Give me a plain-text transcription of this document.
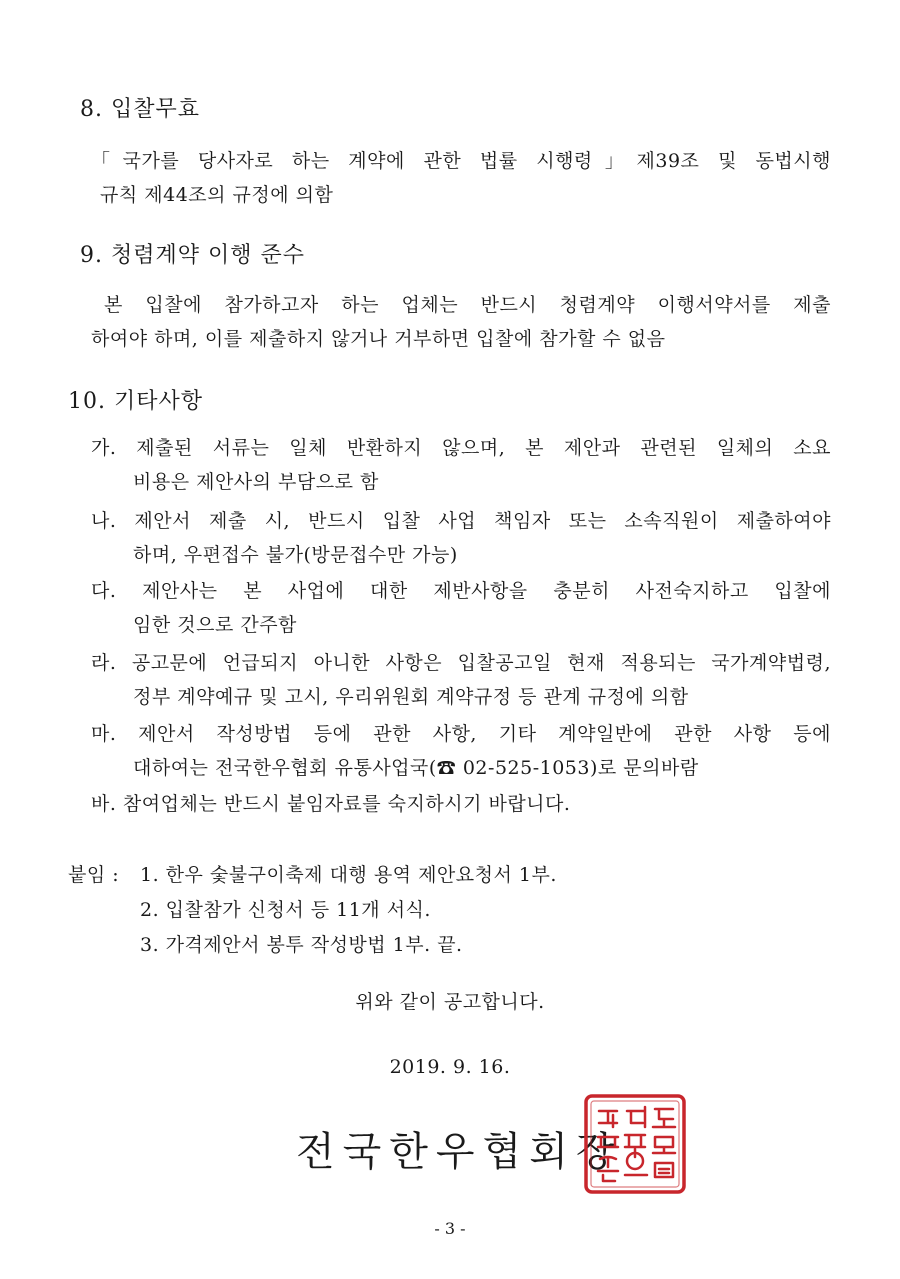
8. 입찰무효
「국가를 당사자로 하는 계약에 관한 법률 시행령」제39조 및 동법시행
규칙 제44조의 규정에 의함
9. 청렴계약 이행 준수
본 입찰에 참가하고자 하는 업체는 반드시 청렴계약 이행서약서를 제출
하여야 하며, 이를 제출하지 않거나 거부하면 입찰에 참가할 수 없음
10. 기타사항
가. 제출된 서류는 일체 반환하지 않으며, 본 제안과 관련된 일체의 소요
비용은 제안사의 부담으로 함
나. 제안서 제출 시, 반드시 입찰 사업 책임자 또는 소속직원이 제출하여야
하며, 우편접수 불가(방문접수만 가능)
다. 제안사는 본 사업에 대한 제반사항을 충분히 사전숙지하고 입찰에
임한 것으로 간주함
라. 공고문에 언급되지 아니한 사항은 입찰공고일 현재 적용되는 국가계약법령,
정부 계약예규 및 고시, 우리위원회 계약규정 등 관계 규정에 의함
마. 제안서 작성방법 등에 관한 사항, 기타 계약일반에 관한 사항 등에
대하여는 전국한우협회 유통사업국(☎ 02-525-1053)로 문의바람
바. 참여업체는 반드시 붙임자료를 숙지하시기 바랍니다.
붙임 : 1. 한우 숯불구이축제 대행 용역 제안요청서 1부.
2. 입찰참가 신청서 등 11개 서식.
3. 가격제안서 봉투 작성방법 1부. 끝.
위와 같이 공고합니다.
2019. 9. 16.
전국한우협회장
- 3 -
